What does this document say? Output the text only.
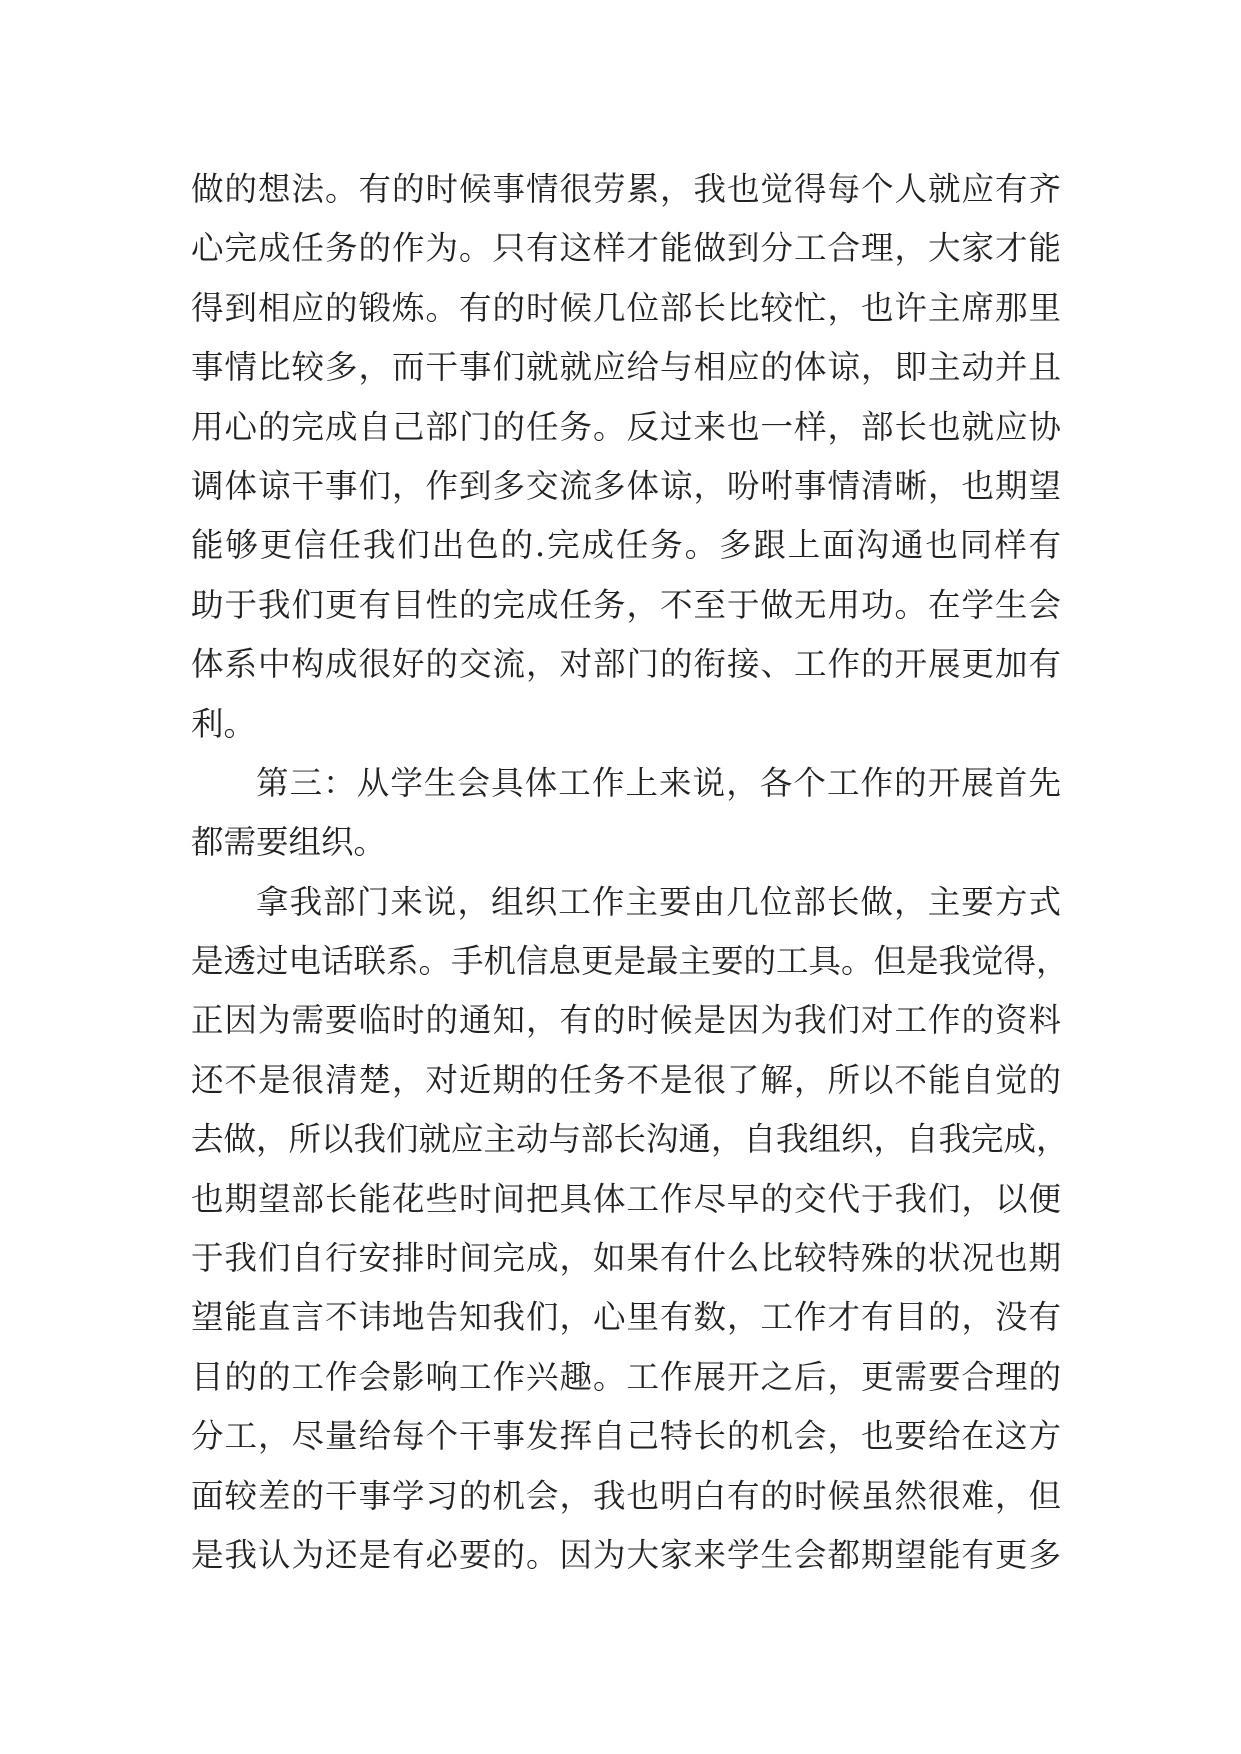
做的想法。有的时候事情很劳累，我也觉得每个人就应有齐
心完成任务的作为。只有这样才能做到分工合理，大家才能
得到相应的锻炼。有的时候几位部长比较忙，也许主席那里
事情比较多，而干事们就就应给与相应的体谅，即主动并且
用心的完成自己部门的任务。反过来也一样，部长也就应协
调体谅干事们，作到多交流多体谅，吩咐事情清晰，也期望
能够更信任我们出色的.完成任务。多跟上面沟通也同样有
助于我们更有目性的完成任务，不至于做无用功。在学生会
体系中构成很好的交流，对部门的衔接、工作的开展更加有
利。
第三：从学生会具体工作上来说，各个工作的开展首先
都需要组织。
拿我部门来说，组织工作主要由几位部长做，主要方式
是透过电话联系。手机信息更是最主要的工具。但是我觉得，
正因为需要临时的通知，有的时候是因为我们对工作的资料
还不是很清楚，对近期的任务不是很了解，所以不能自觉的
去做，所以我们就应主动与部长沟通，自我组织，自我完成，
也期望部长能花些时间把具体工作尽早的交代于我们，以便
于我们自行安排时间完成，如果有什么比较特殊的状况也期
望能直言不讳地告知我们，心里有数，工作才有目的，没有
目的的工作会影响工作兴趣。工作展开之后，更需要合理的
分工，尽量给每个干事发挥自己特长的机会，也要给在这方
面较差的干事学习的机会，我也明白有的时候虽然很难，但
是我认为还是有必要的。因为大家来学生会都期望能有更多
